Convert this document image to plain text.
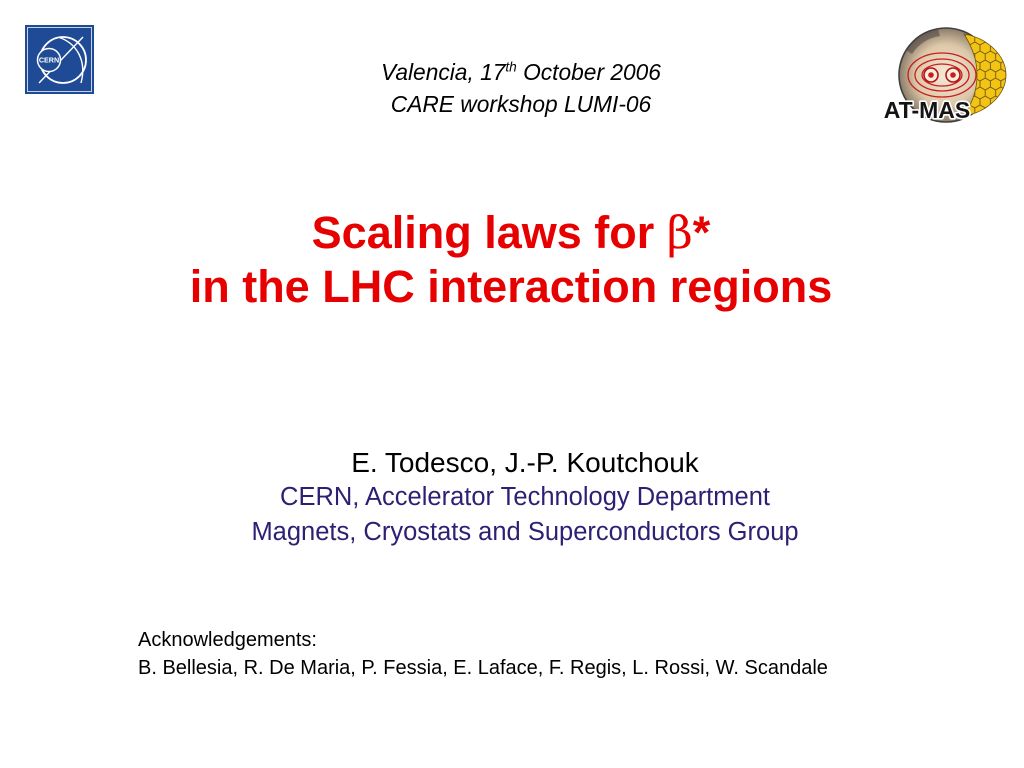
CERN
AT-MAS
Valencia, 17th October 2006
CARE workshop LUMI-06
Scaling laws for β*
in the LHC interaction regions
E. Todesco, J.-P. Koutchouk
CERN, Accelerator Technology Department
Magnets, Cryostats and Superconductors Group
Acknowledgements:
B. Bellesia, R. De Maria, P. Fessia, E. Laface, F. Regis, L. Rossi, W. Scandale
